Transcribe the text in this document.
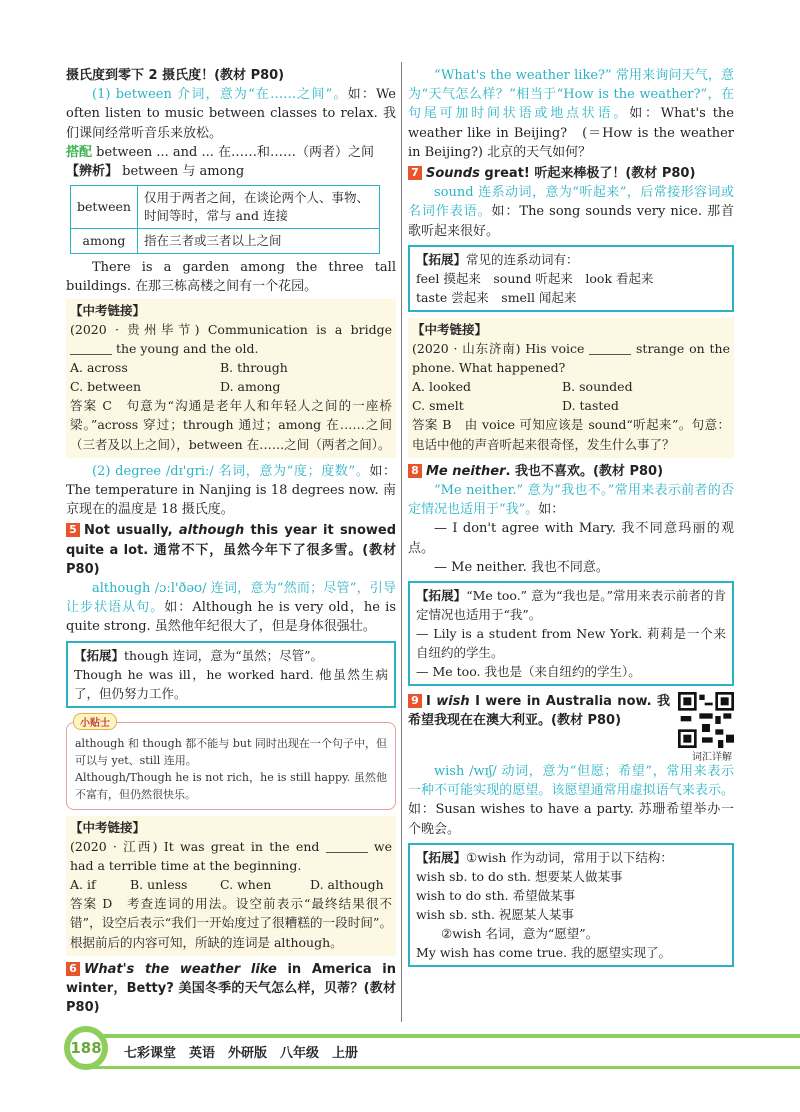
摄氏度到零下 2 摄氏度！(教材 P80)

(1) between 介词，意为“在……之间”。如：We often listen to music between classes to relax. 我们课间经常听音乐来放松。

搭配 between ... and ... 在……和……（两者）之间

【辨析】 between 与 among

between	仅用于两者之间，在谈论两个人、事物、时间等时，常与 and 连接
among	指在三者或三者以上之间

There is a garden among the three tall buildings. 在那三栋高楼之间有一个花园。

【中考链接】

(2020 · 贵州毕节) Communication is a bridge  the young and the old.

A. across	B. through
C. between	D. among

答案 C　句意为“沟通是老年人和年轻人之间的一座桥梁。”across 穿过；through 通过；among 在……之间（三者及以上之间），between 在……之间（两者之间）。

(2) degree /dɪ'ɡriː/ 名词，意为“度；度数”。如：The temperature in Nanjing is 18 degrees now. 南京现在的温度是 18 摄氏度。

5 Not usually, although this year it snowed quite a lot. 通常不下，虽然今年下了很多雪。(教材 P80)

although /ɔːl'ðəʊ/ 连词，意为“然而；尽管”，引导让步状语从句。如：Although he is very old，he is quite strong. 虽然他年纪很大了，但是身体很强壮。

【拓展】though 连词，意为“虽然；尽管”。

Though he was ill，he worked hard. 他虽然生病了，但仍努力工作。

小贴士

although 和 though 都不能与 but 同时出现在一个句子中，但可以与 yet、still 连用。

Although/Though he is not rich，he is still happy. 虽然他不富有，但仍然很快乐。

【中考链接】

(2020 · 江西) It was great in the end	we had a terrible time at the beginning.

A. if	B. unless	C. when	D. although

答案 D　考查连词的用法。设空前表示“最终结果很不错”，设空后表示“我们一开始度过了很糟糕的一段时间”。根据前后的内容可知，所缺的连词是 although。

6 What's the weather like in America in winter，Betty? 美国冬季的天气怎么样，贝蒂？(教材 P80)

“What's the weather like?” 常用来询问天气，意为“天气怎么样？”相当于“How is the weather?”，在句尾可加时间状语或地点状语。如：What's the weather like in Beijing?　(＝How is the weather in Beijing?) 北京的天气如何？

7 Sounds great! 听起来棒极了！(教材 P80)

sound 连系动词，意为“听起来”，后常接形容词或名词作表语。如：The song sounds very nice. 那首歌听起来很好。

【拓展】常见的连系动词有：

feel 摸起来　sound 听起来　look 看起来

taste 尝起来　smell 闻起来

【中考链接】

(2020 · 山东济南) His voice	strange on the phone. What happened?

A. looked	B. sounded
C. smelt	D. tasted

答案 B　由 voice 可知应该是 sound“听起来”。句意：电话中他的声音听起来很奇怪，发生什么事了？

8 Me neither. 我也不喜欢。(教材 P80)

“Me neither.” 意为“我也不。”常用来表示前者的否定情况也适用于“我”。如：

— I don't agree with Mary. 我不同意玛丽的观点。

— Me neither. 我也不同意。

【拓展】“Me too.” 意为“我也是。”常用来表示前者的肯定情况也适用于“我”。

— Lily is a student from New York. 莉莉是一个来自纽约的学生。

— Me too. 我也是（来自纽约的学生）。

9 I wish I were in Australia now. 我希望我现在在澳大利亚。(教材 P80)

词汇详解

wish /wɪʃ/ 动词，意为“但愿；希望”，常用来表示一种不可能实现的愿望。该愿望通常用虚拟语气来表示。如：Susan wishes to have a party. 苏珊希望举办一个晚会。

【拓展】①wish 作为动词，常用于以下结构：

wish sb. to do sth. 想要某人做某事

wish to do sth. 希望做某事

wish sb. sth. 祝愿某人某事

②wish 名词，意为“愿望”。

My wish has come true. 我的愿望实现了。

188 七彩课堂　英语　外研版　八年级　上册
